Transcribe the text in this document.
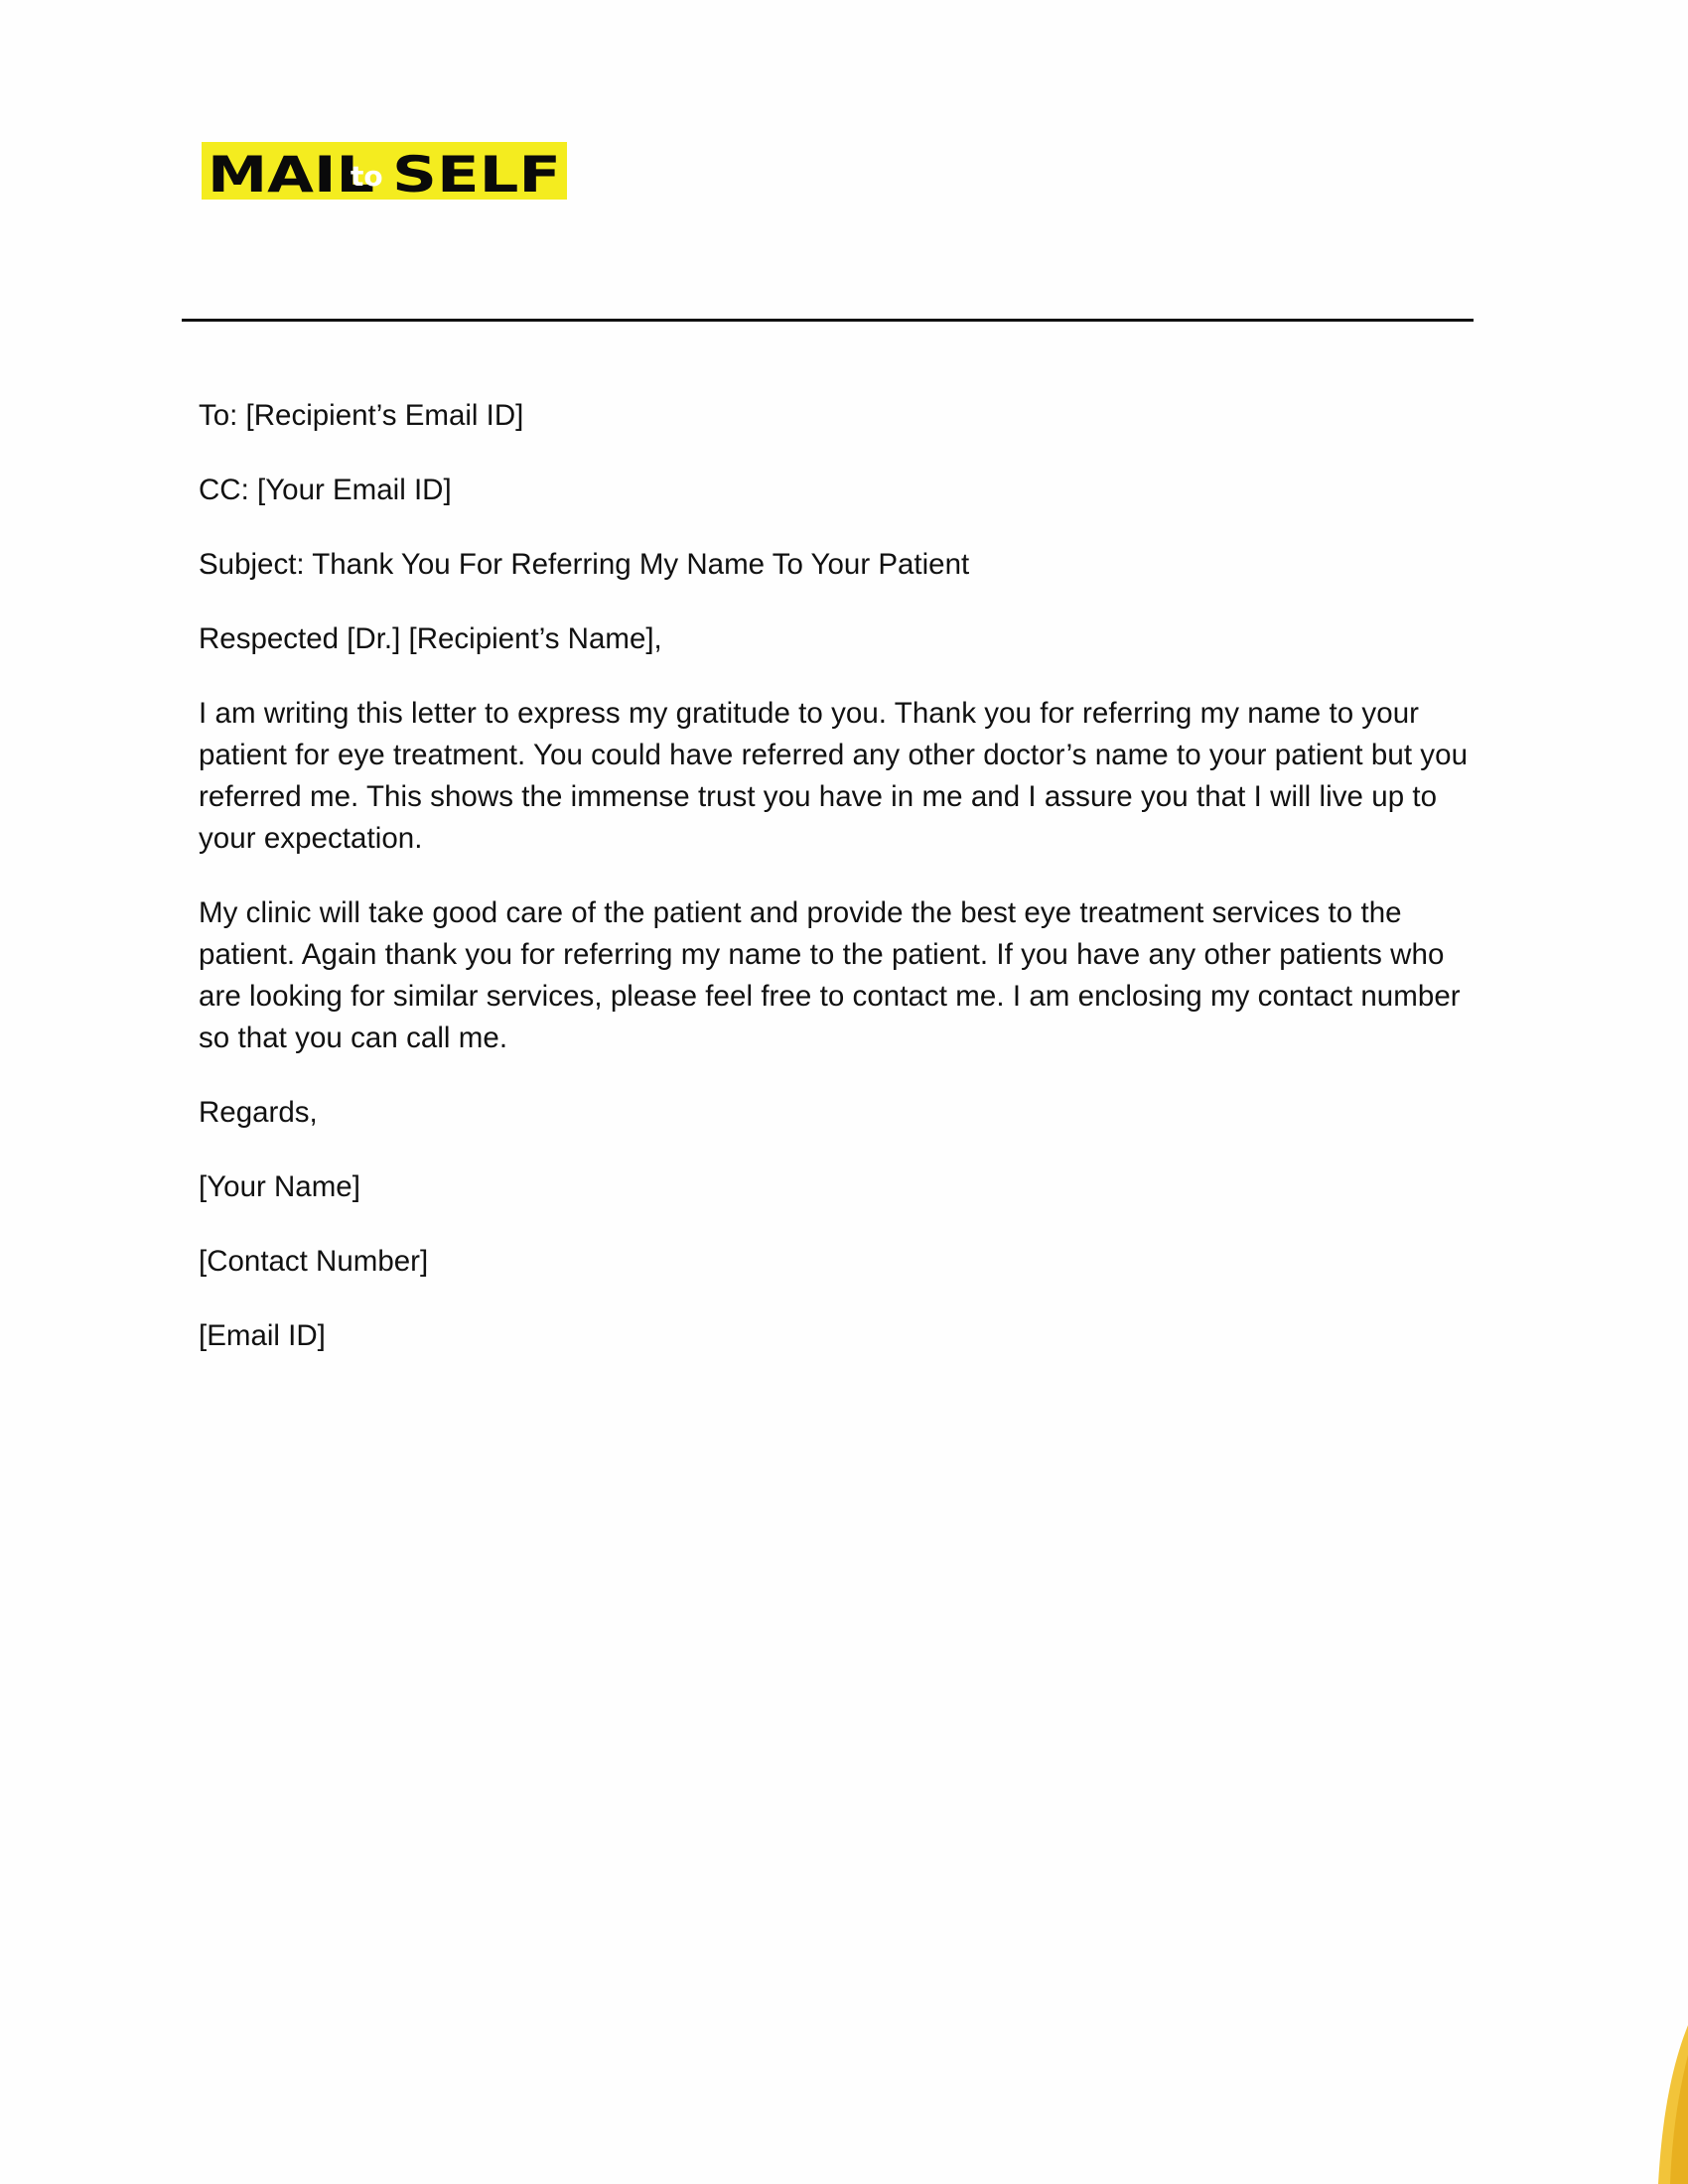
MAIL
to SELF

To: [Recipient’s Email ID]

CC: [Your Email ID]

Subject: Thank You For Referring My Name To Your Patient

Respected [Dr.] [Recipient’s Name],

I am writing this letter to express my gratitude to you. Thank you for referring my name to your patient for eye treatment. You could have referred any other doctor’s name to your patient but you referred me. This shows the immense trust you have in me and I assure you that I will live up to your expectation.

My clinic will take good care of the patient and provide the best eye treatment services to the patient. Again thank you for referring my name to the patient. If you have any other patients who are looking for similar services, please feel free to contact me. I am enclosing my contact number so that you can call me.

Regards,

[Your Name]

[Contact Number]

[Email ID]
